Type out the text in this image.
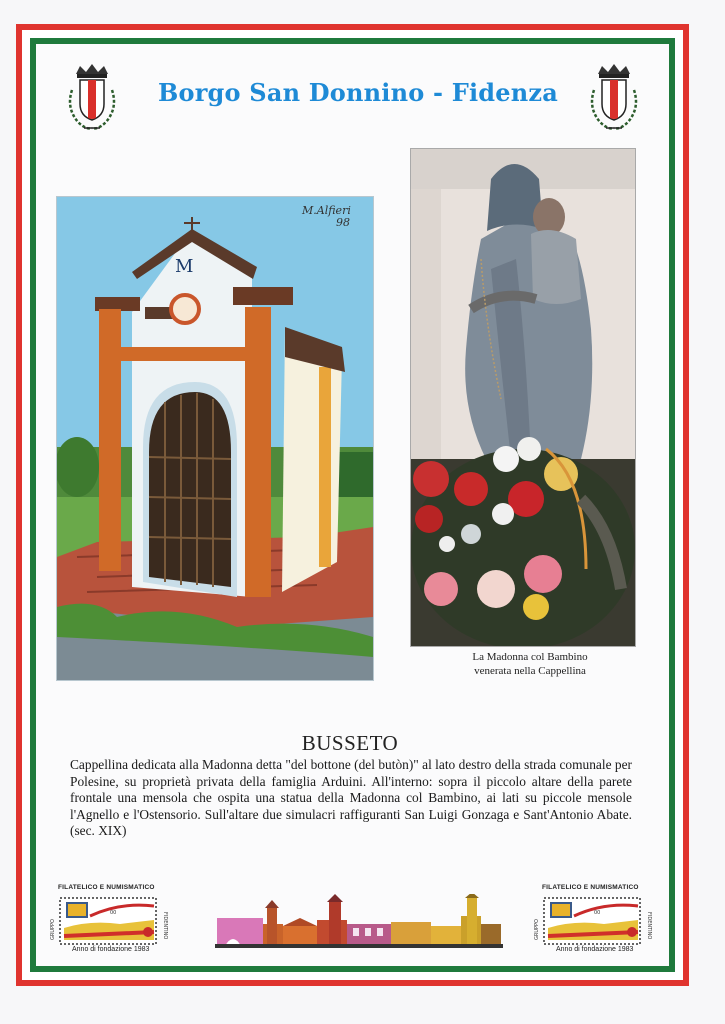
Borgo San Donnino - Fidenza
M
M.Alfieri
98
La Madonna col Bambino
venerata nella Cappellina
BUSSETO
Cappellina dedicata alla Madonna detta "del bottone (del butòn)" al lato destro della strada comunale per Polesine, su proprietà privata della famiglia Arduini. All'interno: sopra il piccolo altare della parete frontale una mensola che ospita una statua della Madonna col Bambino, ai lati su piccole mensole l'Agnello e l'Ostensorio. Sull'altare due simulacri raffiguranti San Luigi Gonzaga e Sant'Antonio Abate. (sec. XIX)
FILATELICO E NUMISMATICO
00	FIDENTINO
GRUPPO
Anno di fondazione 1983
FILATELICO E NUMISMATICO
00	FIDENTINO
GRUPPO
Anno di fondazione 1983
